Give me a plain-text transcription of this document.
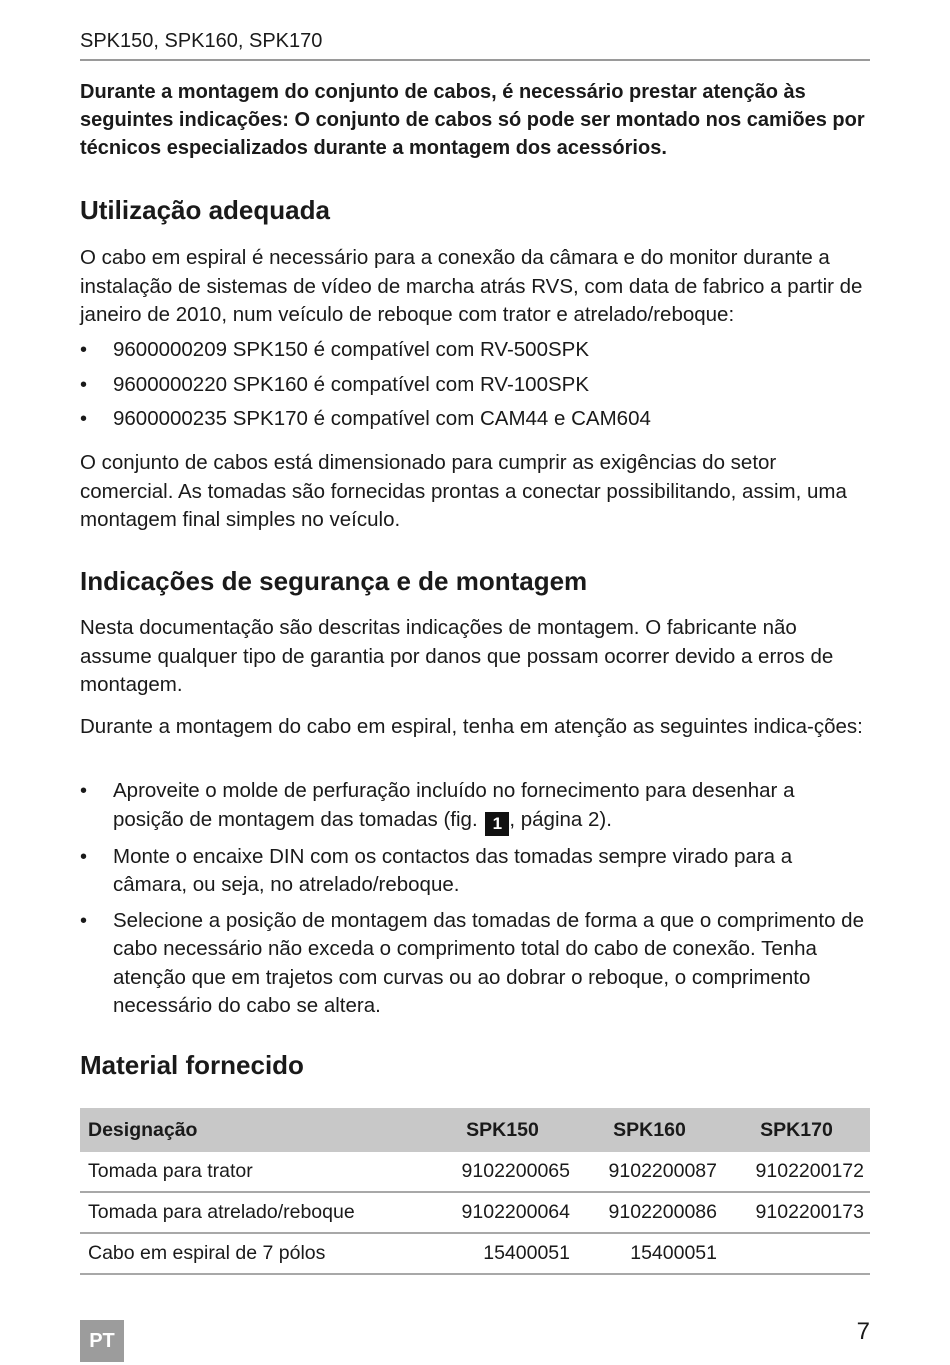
SPK150, SPK160, SPK170

Durante a montagem do conjunto de cabos, é necessário prestar atenção às seguintes indicações: O conjunto de cabos só pode ser montado nos camiões por técnicos especializados durante a montagem dos acessórios.

Utilização adequada

O cabo em espiral é necessário para a conexão da câmara e do monitor durante a instalação de sistemas de vídeo de marcha atrás RVS, com data de fabrico a partir de janeiro de 2010, num veículo de reboque com trator e atrelado/reboque:

• 9600000209 SPK150 é compatível com RV-500SPK
• 9600000220 SPK160 é compatível com RV-100SPK
• 9600000235 SPK170 é compatível com CAM44 e CAM604

O conjunto de cabos está dimensionado para cumprir as exigências do setor comercial. As tomadas são fornecidas prontas a conectar possibilitando, assim, uma montagem final simples no veículo.

Indicações de segurança e de montagem

Nesta documentação são descritas indicações de montagem. O fabricante não assume qualquer tipo de garantia por danos que possam ocorrer devido a erros de montagem.

Durante a montagem do cabo em espiral, tenha em atenção as seguintes indica-ções:

• Aproveite o molde de perfuração incluído no fornecimento para desenhar a posição de montagem das tomadas (fig. 1 , página 2).
• Monte o encaixe DIN com os contactos das tomadas sempre virado para a câmara, ou seja, no atrelado/reboque.
• Selecione a posição de montagem das tomadas de forma a que o comprimento de cabo necessário não exceda o comprimento total do cabo de conexão. Tenha atenção que em trajetos com curvas ou ao dobrar o reboque, o comprimento necessário do cabo se altera.
Material fornecido
Designação	SPK150	SPK160	SPK170
Tomada para trator	9102200065	9102200087	9102200172
Tomada para atrelado/reboque	9102200064	9102200086	9102200173
Cabo em espiral de 7 pólos	15400051	15400051	
PT	7
